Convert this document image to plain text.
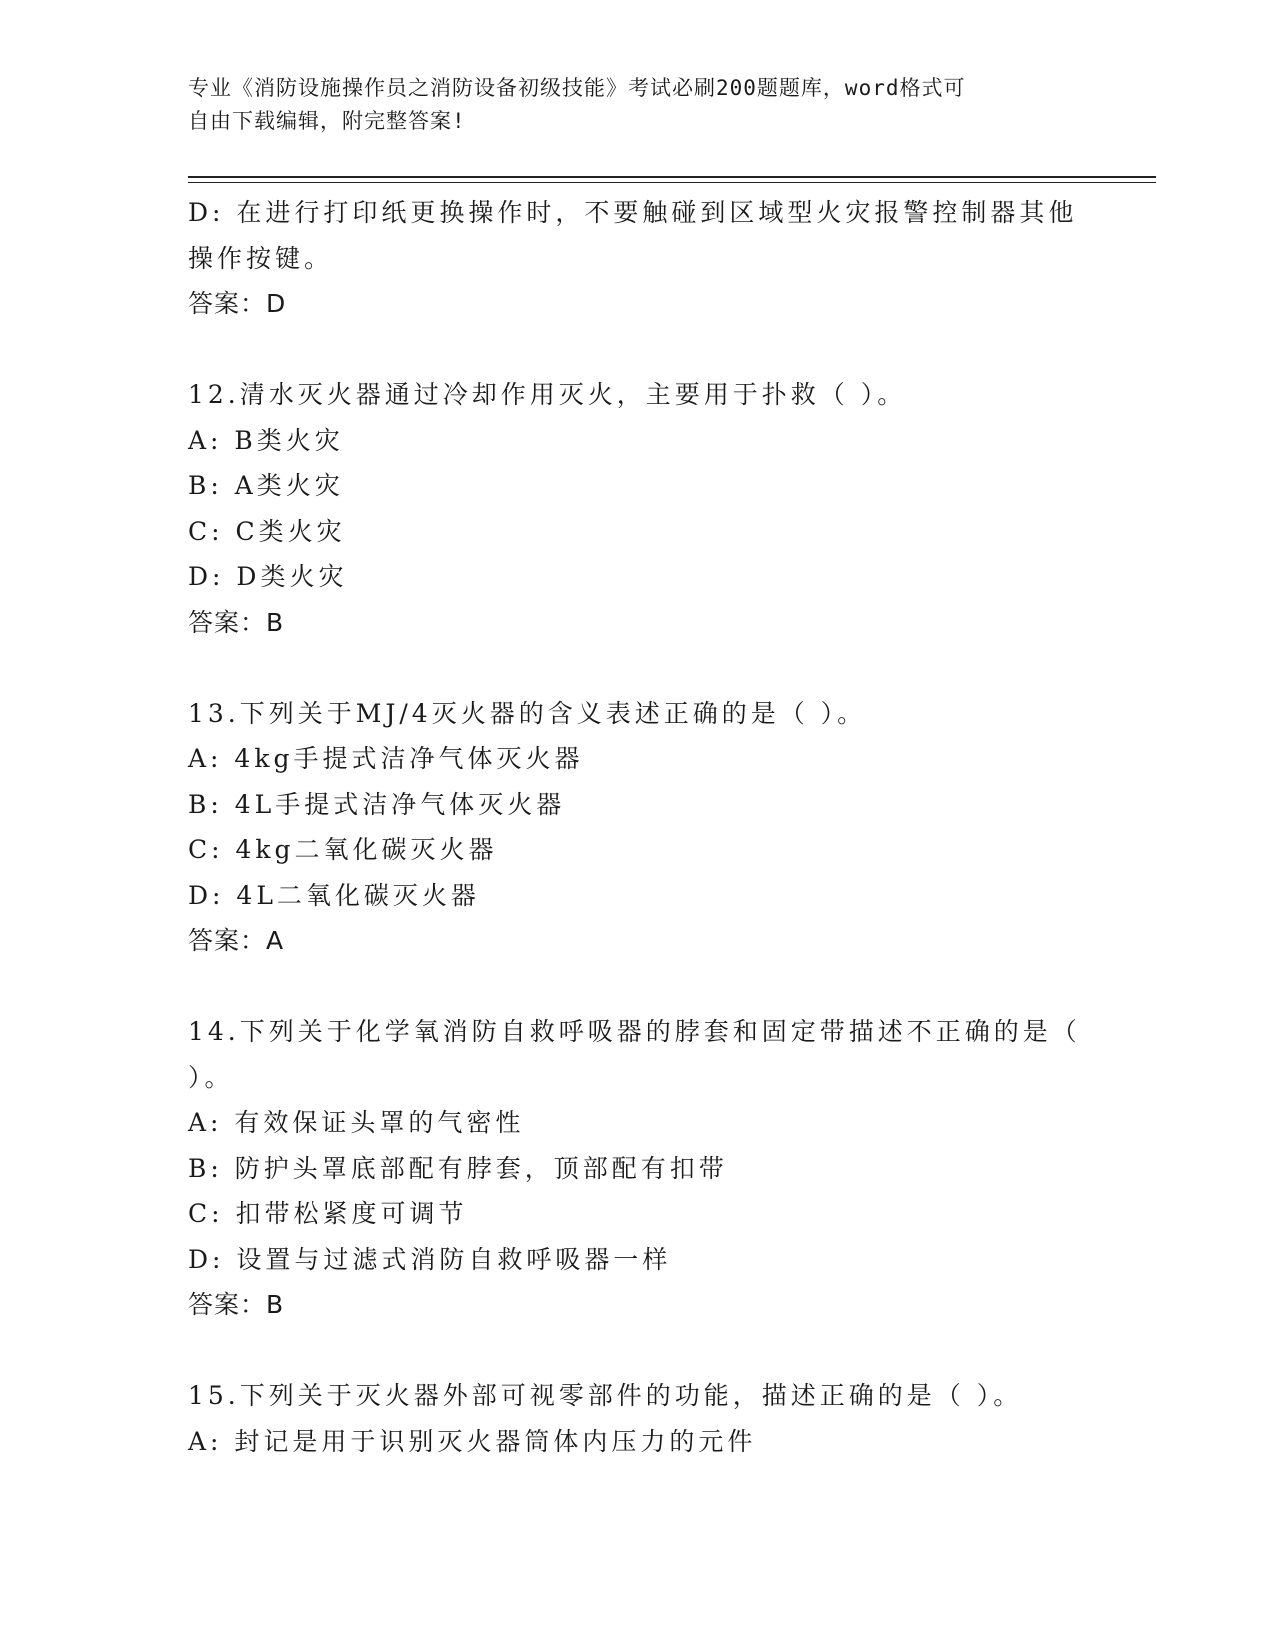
专业《消防设施操作员之消防设备初级技能》考试必刷200题题库，word格式可
自由下载编辑，附完整答案!
D: 在进行打印纸更换操作时，不要触碰到区域型火灾报警控制器其他
操作按键。
答案：D
12.清水灭火器通过冷却作用灭火，主要用于扑救（ ）。
A: B类火灾
B: A类火灾
C: C类火灾
D: D类火灾
答案：B
13.下列关于MJ/4灭火器的含义表述正确的是（ ）。
A: 4kg手提式洁净气体灭火器
B: 4L手提式洁净气体灭火器
C: 4kg二氧化碳灭火器
D: 4L二氧化碳灭火器
答案：A
14.下列关于化学氧消防自救呼吸器的脖套和固定带描述不正确的是（
）。
A: 有效保证头罩的气密性
B: 防护头罩底部配有脖套，顶部配有扣带
C: 扣带松紧度可调节
D: 设置与过滤式消防自救呼吸器一样
答案：B
15.下列关于灭火器外部可视零部件的功能，描述正确的是（ ）。
A: 封记是用于识别灭火器筒体内压力的元件
